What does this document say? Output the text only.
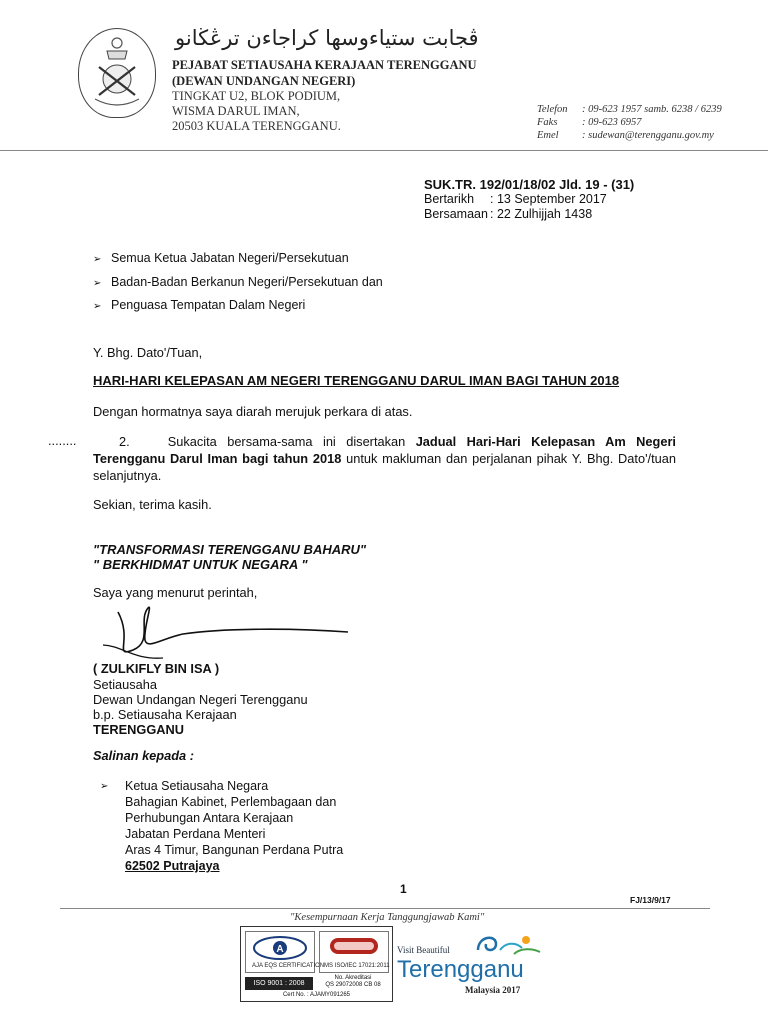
ڤجابت ستياءوسها كراجاءن ترڠڬانو
PEJABAT SETIAUSAHA KERAJAAN TERENGGANU
(DEWAN UNDANGAN NEGERI)
TINGKAT U2, BLOK PODIUM,
WISMA DARUL IMAN,
20503 KUALA TERENGGANU.
Telefon : 09-623 1957 samb. 6238 / 6239
Faks : 09-623 6957
Emel : sudewan@terengganu.gov.my
SUK.TR. 192/01/18/02 Jld. 19 - (31)
Bertarikh : 13 September 2017
Bersamaan : 22 Zulhijjah 1438
➢ Semua Ketua Jabatan Negeri/Persekutuan
➢ Badan-Badan Berkanun Negeri/Persekutuan dan
➢ Penguasa Tempatan Dalam Negeri
Y. Bhg. Dato'/Tuan,
HARI-HARI KELEPASAN AM NEGERI TERENGGANU DARUL IMAN BAGI TAHUN 2018
Dengan hormatnya saya diarah merujuk perkara di atas.
........	2.	Sukacita bersama-sama ini disertakan Jadual Hari-Hari Kelepasan Am Negeri Terengganu Darul Iman bagi tahun 2018 untuk makluman dan perjalanan pihak Y. Bhg. Dato'/tuan selanjutnya.
Sekian, terima kasih.
"TRANSFORMASI TERENGGANU BAHARU"
" BERKHIDMAT UNTUK NEGARA "
Saya yang menurut perintah,
( ZULKIFLY BIN ISA )
Setiausaha
Dewan Undangan Negeri Terengganu
b.p. Setiausaha Kerajaan
TERENGGANU
Salinan kepada :
➢ Ketua Setiausaha Negara
Bahagian Kabinet, Perlembagaan dan
Perhubungan Antara Kerajaan
Jabatan Perdana Menteri
Aras 4 Timur, Bangunan Perdana Putra
62502 Putrajaya
1
FJ/13/9/17
"Kesempurnaan Kerja Tanggungjawab Kami"
A
AJA EQS CERTIFICATION MS ISO/IEC 17021:2011
ISO 9001 : 2008
No. Akreditasi
QS 29072008 CB 08
Cert No. : AJAMY091265
Visit Beautiful
Terengganu
Malaysia 2017
